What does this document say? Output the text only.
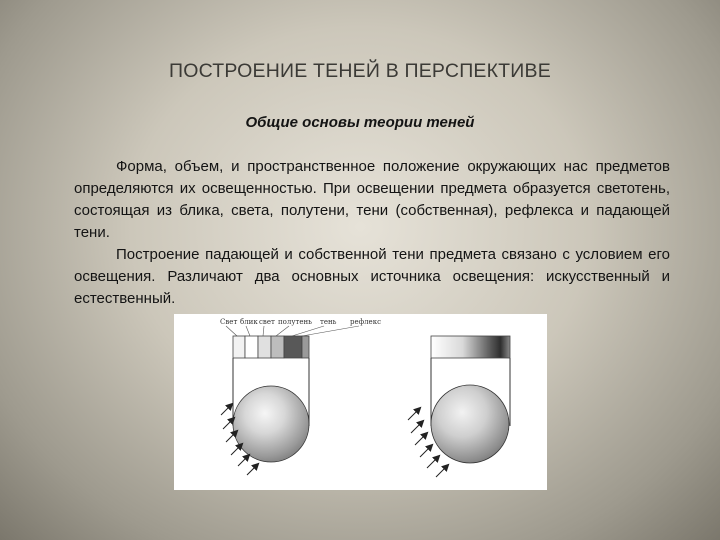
ПОСТРОЕНИЕ ТЕНЕЙ В ПЕРСПЕКТИВЕ
Общие основы теории теней

Форма, объем, и пространственное положение окружающих нас предметов определяются их освещенностью. При освещении предмета образуется светотень, состоящая из блика, света, полутени, тени (собственная), рефлекса и падающей тени.

Построение падающей и собственной тени предмета связано с условием его освещения. Различают два основных источника освещения: искусственный и естественный.

Свет блик свет полутень тень рефлекс
